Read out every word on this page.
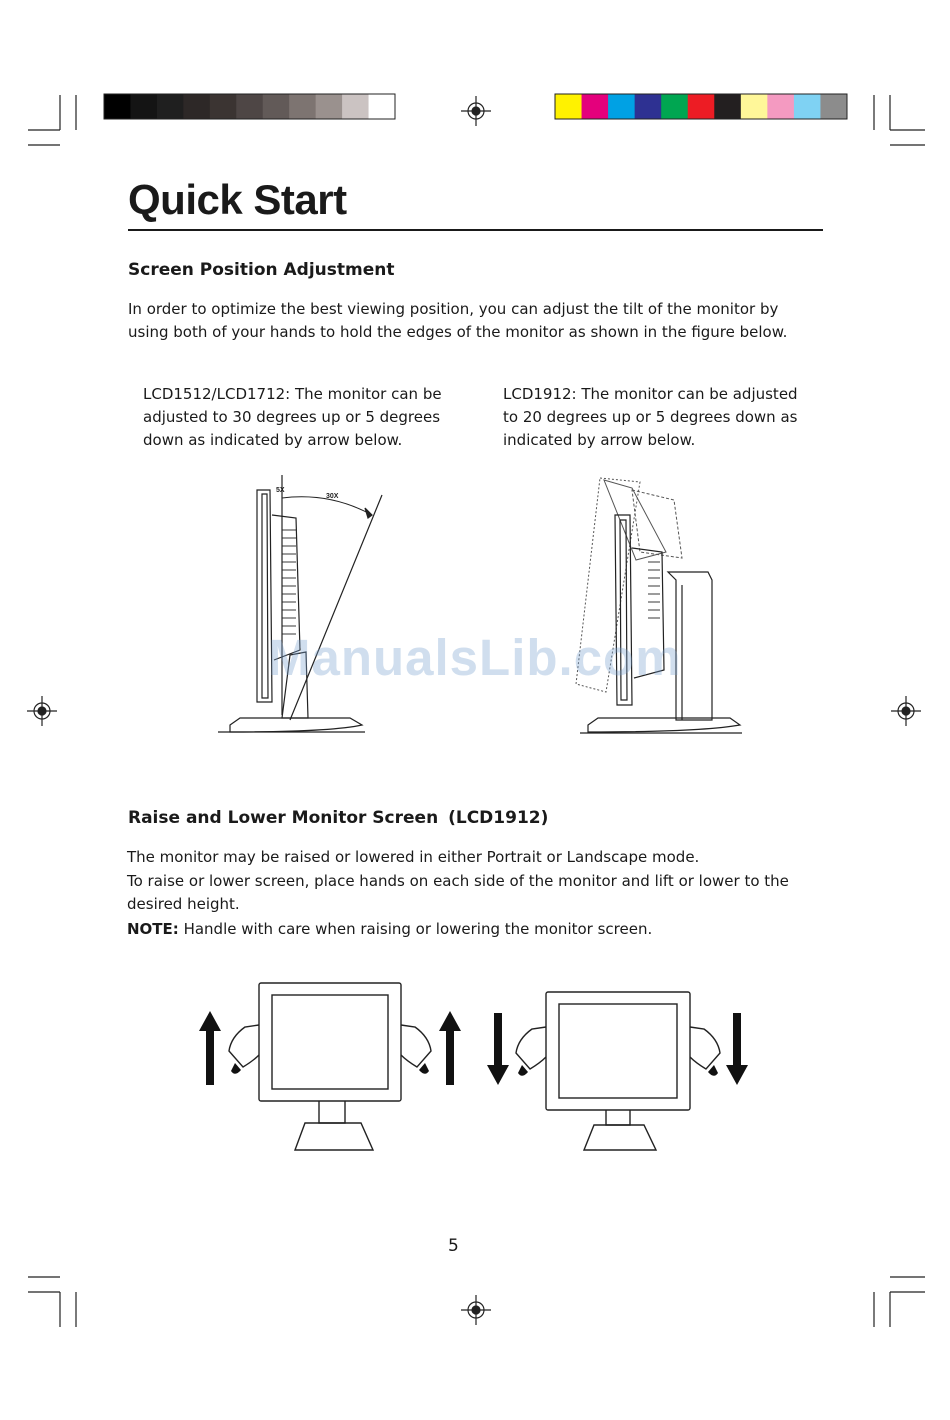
Quick Start
Screen Position Adjustment

In order to optimize the best viewing position, you can adjust the tilt of the monitor by
using both of your hands to hold the edges of the monitor as shown in the figure below.

LCD1512/LCD1712: The monitor can be
adjusted to 30 degrees up or 5 degrees
down as indicated by arrow below.

LCD1912: The monitor can be adjusted
to 20 degrees up or 5 degrees down as
indicated by arrow below.

5X
30X
Raise and Lower Monitor Screen (LCD1912)

The monitor may be raised or lowered in either Portrait or Landscape mode.
To raise or lower screen, place hands on each side of the monitor and lift or lower to the
desired height.
NOTE: Handle with care when raising or lowering the monitor screen.

ManualsLib.com
5
